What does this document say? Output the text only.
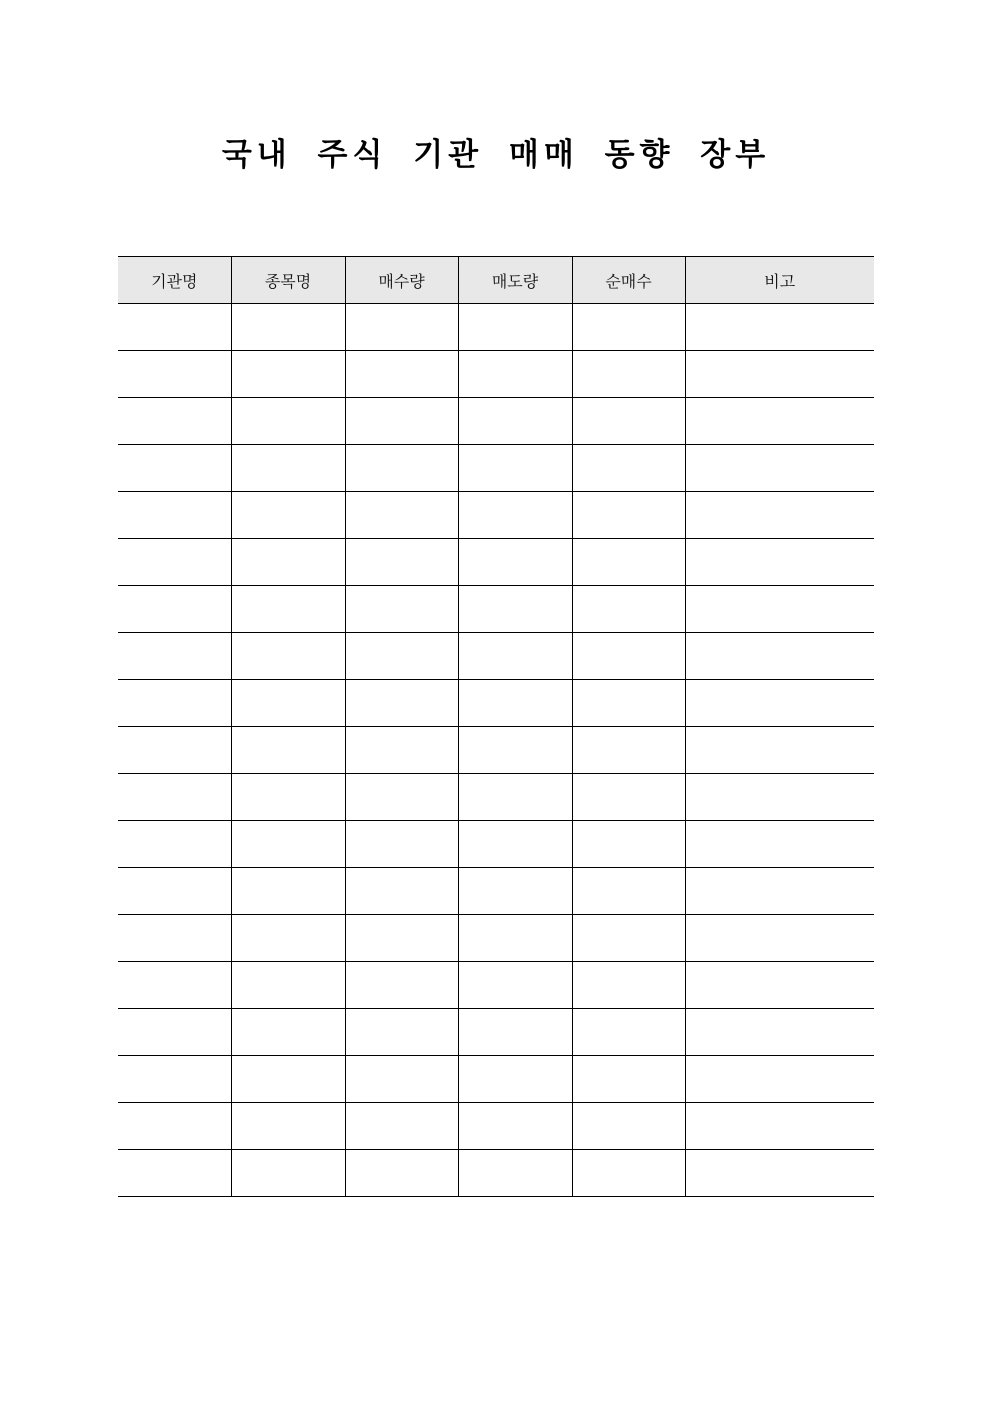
국내 주식 기관 매매 동향 장부
기관명	종목명	매수량	매도량	순매수	비고
